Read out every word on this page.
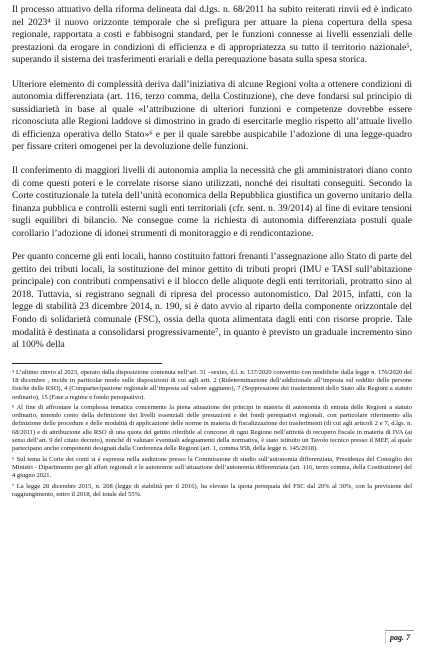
Il processo attuativo della riforma delineata dal d.lgs. n. 68/2011 ha subito reiterati rinvii ed è indicato nel 2023⁴ il nuovo orizzonte temporale che si prefigura per attuare la piena copertura della spesa regionale, rapportata a costi e fabbisogni standard, per le funzioni connesse ai livelli essenziali delle prestazioni da erogare in condizioni di efficienza e di appropriatezza su tutto il territorio nazionale⁵, superando il sistema dei trasferimenti erariali e della perequazione basata sulla spesa storica.

Ulteriore elemento di complessità deriva dall’iniziativa di alcune Regioni volta a ottenere condizioni di autonomia differenziata (art. 116, terzo comma, della Costituzione), che deve fondarsi sul principio di sussidiarietà in base al quale «l’attribuzione di ulteriori funzioni e competenze dovrebbe essere riconosciuta alle Regioni laddove si dimostrino in grado di esercitarle meglio rispetto all’attuale livello di efficienza operativa dello Stato»⁶ e per il quale sarebbe auspicabile l’adozione di una legge-quadro per fissare criteri omogenei per la devoluzione delle funzioni.

Il conferimento di maggiori livelli di autonomia amplia la necessità che gli amministratori diano conto di come questi poteri e le correlate risorse siano utilizzati, nonché dei risultati conseguiti. Secondo la Corte costituzionale la tutela dell’unità economica della Repubblica giustifica un governo unitario della finanza pubblica e controlli esterni sugli enti territoriali (cfr. sent. n. 39/2014) al fine di evitare tensioni sugli equilibri di bilancio. Ne consegue come la richiesta di autonomia differenziata postuli quale corollario l’adozione di idonei strumenti di monitoraggio e di rendicontazione.

Per quanto concerne gli enti locali, hanno costituito fattori frenanti l’assegnazione allo Stato di parte del gettito dei tributi locali, la sostituzione del minor gettito di tributi propri (IMU e TASI sull’abitazione principale) con contributi compensativi e il blocco delle aliquote degli enti territoriali, protratto sino al 2018. Tuttavia, si registrano segnali di ripresa del processo autonomistico. Dal 2015, infatti, con la legge di stabilità 23 dicembre 2014, n. 190, si è dato avvio al riparto della componente orizzontale del Fondo di solidarietà comunale (FSC), ossia della quota alimentata dagli enti con risorse proprie. Tale modalità è destinata a consolidarsi progressivamente⁷, in quanto è previsto un graduale incremento sino al 100% della

⁴ L’ultimo rinvio al 2023, operato dalla disposizione contenuta nell’art. 31 –sexies, d.l. n. 137/2020 convertito con modifiche dalla legge n. 176/2020 del 18 dicembre , incide in particolar modo sulle disposizioni di cui agli artt. 2 (Rideterminazione dell’addizionale all’imposta sul reddito delle persone fisiche delle RSO), 4 (Compartecipazione regionale all’imposta sul valore aggiunto), 7 (Soppressione dei trasferimenti dello Stato alle Regioni a statuto ordinario), 15 (Fase a regime e fondo perequativo).

⁵ Al fine di affrontare la complessa tematica concernente la piena attuazione dei principi in materia di autonomia di entrata delle Regioni a statuto ordinario, tenendo conto della definizione dei livelli essenziali delle prestazioni e dei fondi perequativi regionali, con particolare riferimento alla definizione delle procedure e delle modalità di applicazione delle norme in materia di fiscalizzazione dei trasferimenti (di cui agli articoli 2 e 7, d.lgs. n. 68/2011) e di attribuzione alle RSO di una quota del gettito riferibile al concorso di ogni Regione nell’attività di recupero fiscale in materia di IVA (ai sensi dell’art. 9 del citato decreto), nonché di valutare eventuali adeguamenti della normativa, è stato istituito un Tavolo tecnico presso il MEF, al quale partecipano anche componenti designati dalla Conferenza delle Regioni (art. 1, comma 958, della legge n. 145/2018).

⁶ Sul tema la Corte dei conti si è espressa nella audizione presso la Commissione di studio sull’autonomia differenziata, Presidenza del Consiglio dei Ministri - Dipartimento per gli affari regionali e le autonomie sull’attuazione dell’autonomia differenziata (art. 116, terzo comma, della Costituzione) del 4 giugno 2021.

⁷ La legge 28 dicembre 2015, n. 208 (legge di stabilità per il 2016), ha elevato la quota perequata del FSC dal 20% al 30%, con la previsione del raggiungimento, entro il 2018, del totale del 55%.

pag. 7
